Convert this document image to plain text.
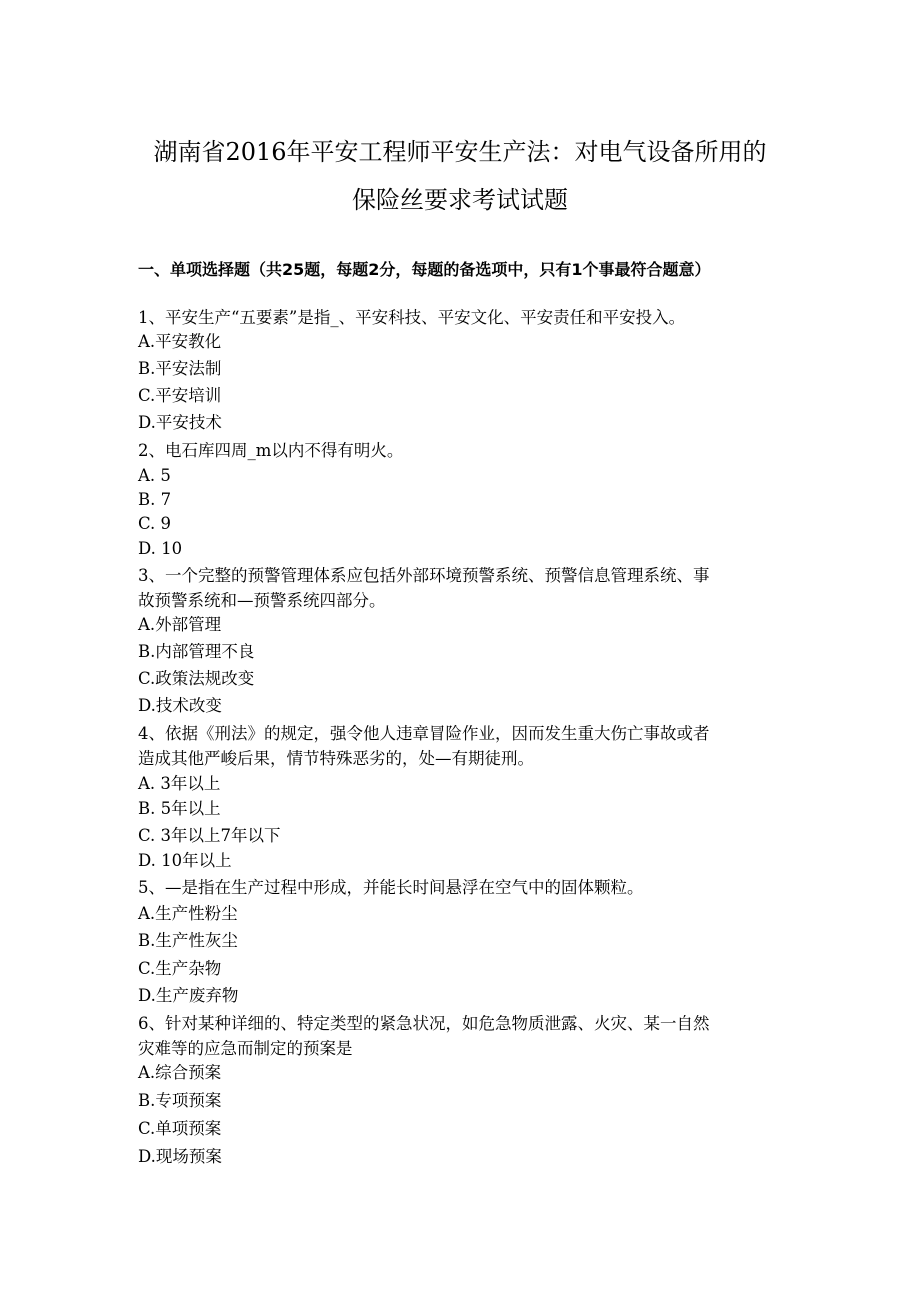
湖南省2016年平安工程师平安生产法：对电气设备所用的
保险丝要求考试试题
一、单项选择题（共25题，每题2分，每题的备选项中，只有1个事最符合题意）
1、平安生产“五要素”是指_、平安科技、平安文化、平安责任和平安投入。
A.平安教化
B.平安法制
C.平安培训
D.平安技术
2、电石库四周_m以内不得有明火。
A. 5
B. 7
C. 9
D. 10
3、一个完整的预警管理体系应包括外部环境预警系统、预警信息管理系统、事
故预警系统和—预警系统四部分。
A.外部管理
B.内部管理不良
C.政策法规改变
D.技术改变
4、依据《刑法》的规定，强令他人违章冒险作业，因而发生重大伤亡事故或者
造成其他严峻后果，情节特殊恶劣的，处—有期徒刑。
A. 3年以上
B. 5年以上
C. 3年以上7年以下
D. 10年以上
5、—是指在生产过程中形成，并能长时间悬浮在空气中的固体颗粒。
A.生产性粉尘
B.生产性灰尘
C.生产杂物
D.生产废弃物
6、针对某种详细的、特定类型的紧急状况，如危急物质泄露、火灾、某一自然
灾难等的应急而制定的预案是
A.综合预案
B.专项预案
C.单项预案
D.现场预案
